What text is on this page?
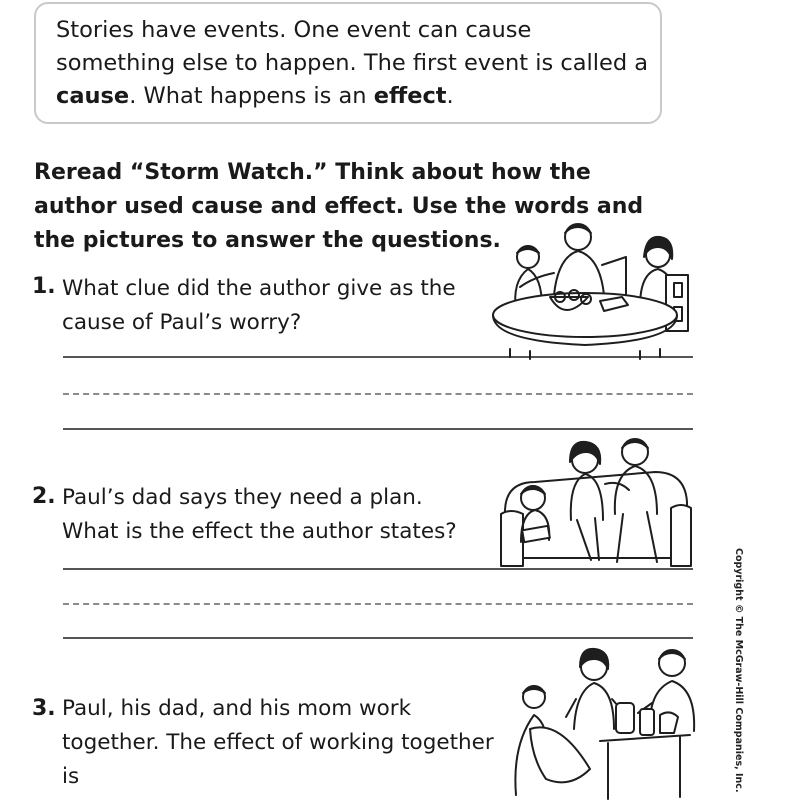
Stories have events. One event can cause something else to happen. The first event is called a cause. What happens is an effect.

Reread “Storm Watch.” Think about how the author used cause and effect. Use the words and the pictures to answer the questions.

1. What clue did the author give as the cause of Paul’s worry?

2. Paul’s dad says they need a plan. What is the effect the author states?

3. Paul, his dad, and his mom work together. The effect of working together is	Copyright © The McGraw-Hill Companies, Inc.
